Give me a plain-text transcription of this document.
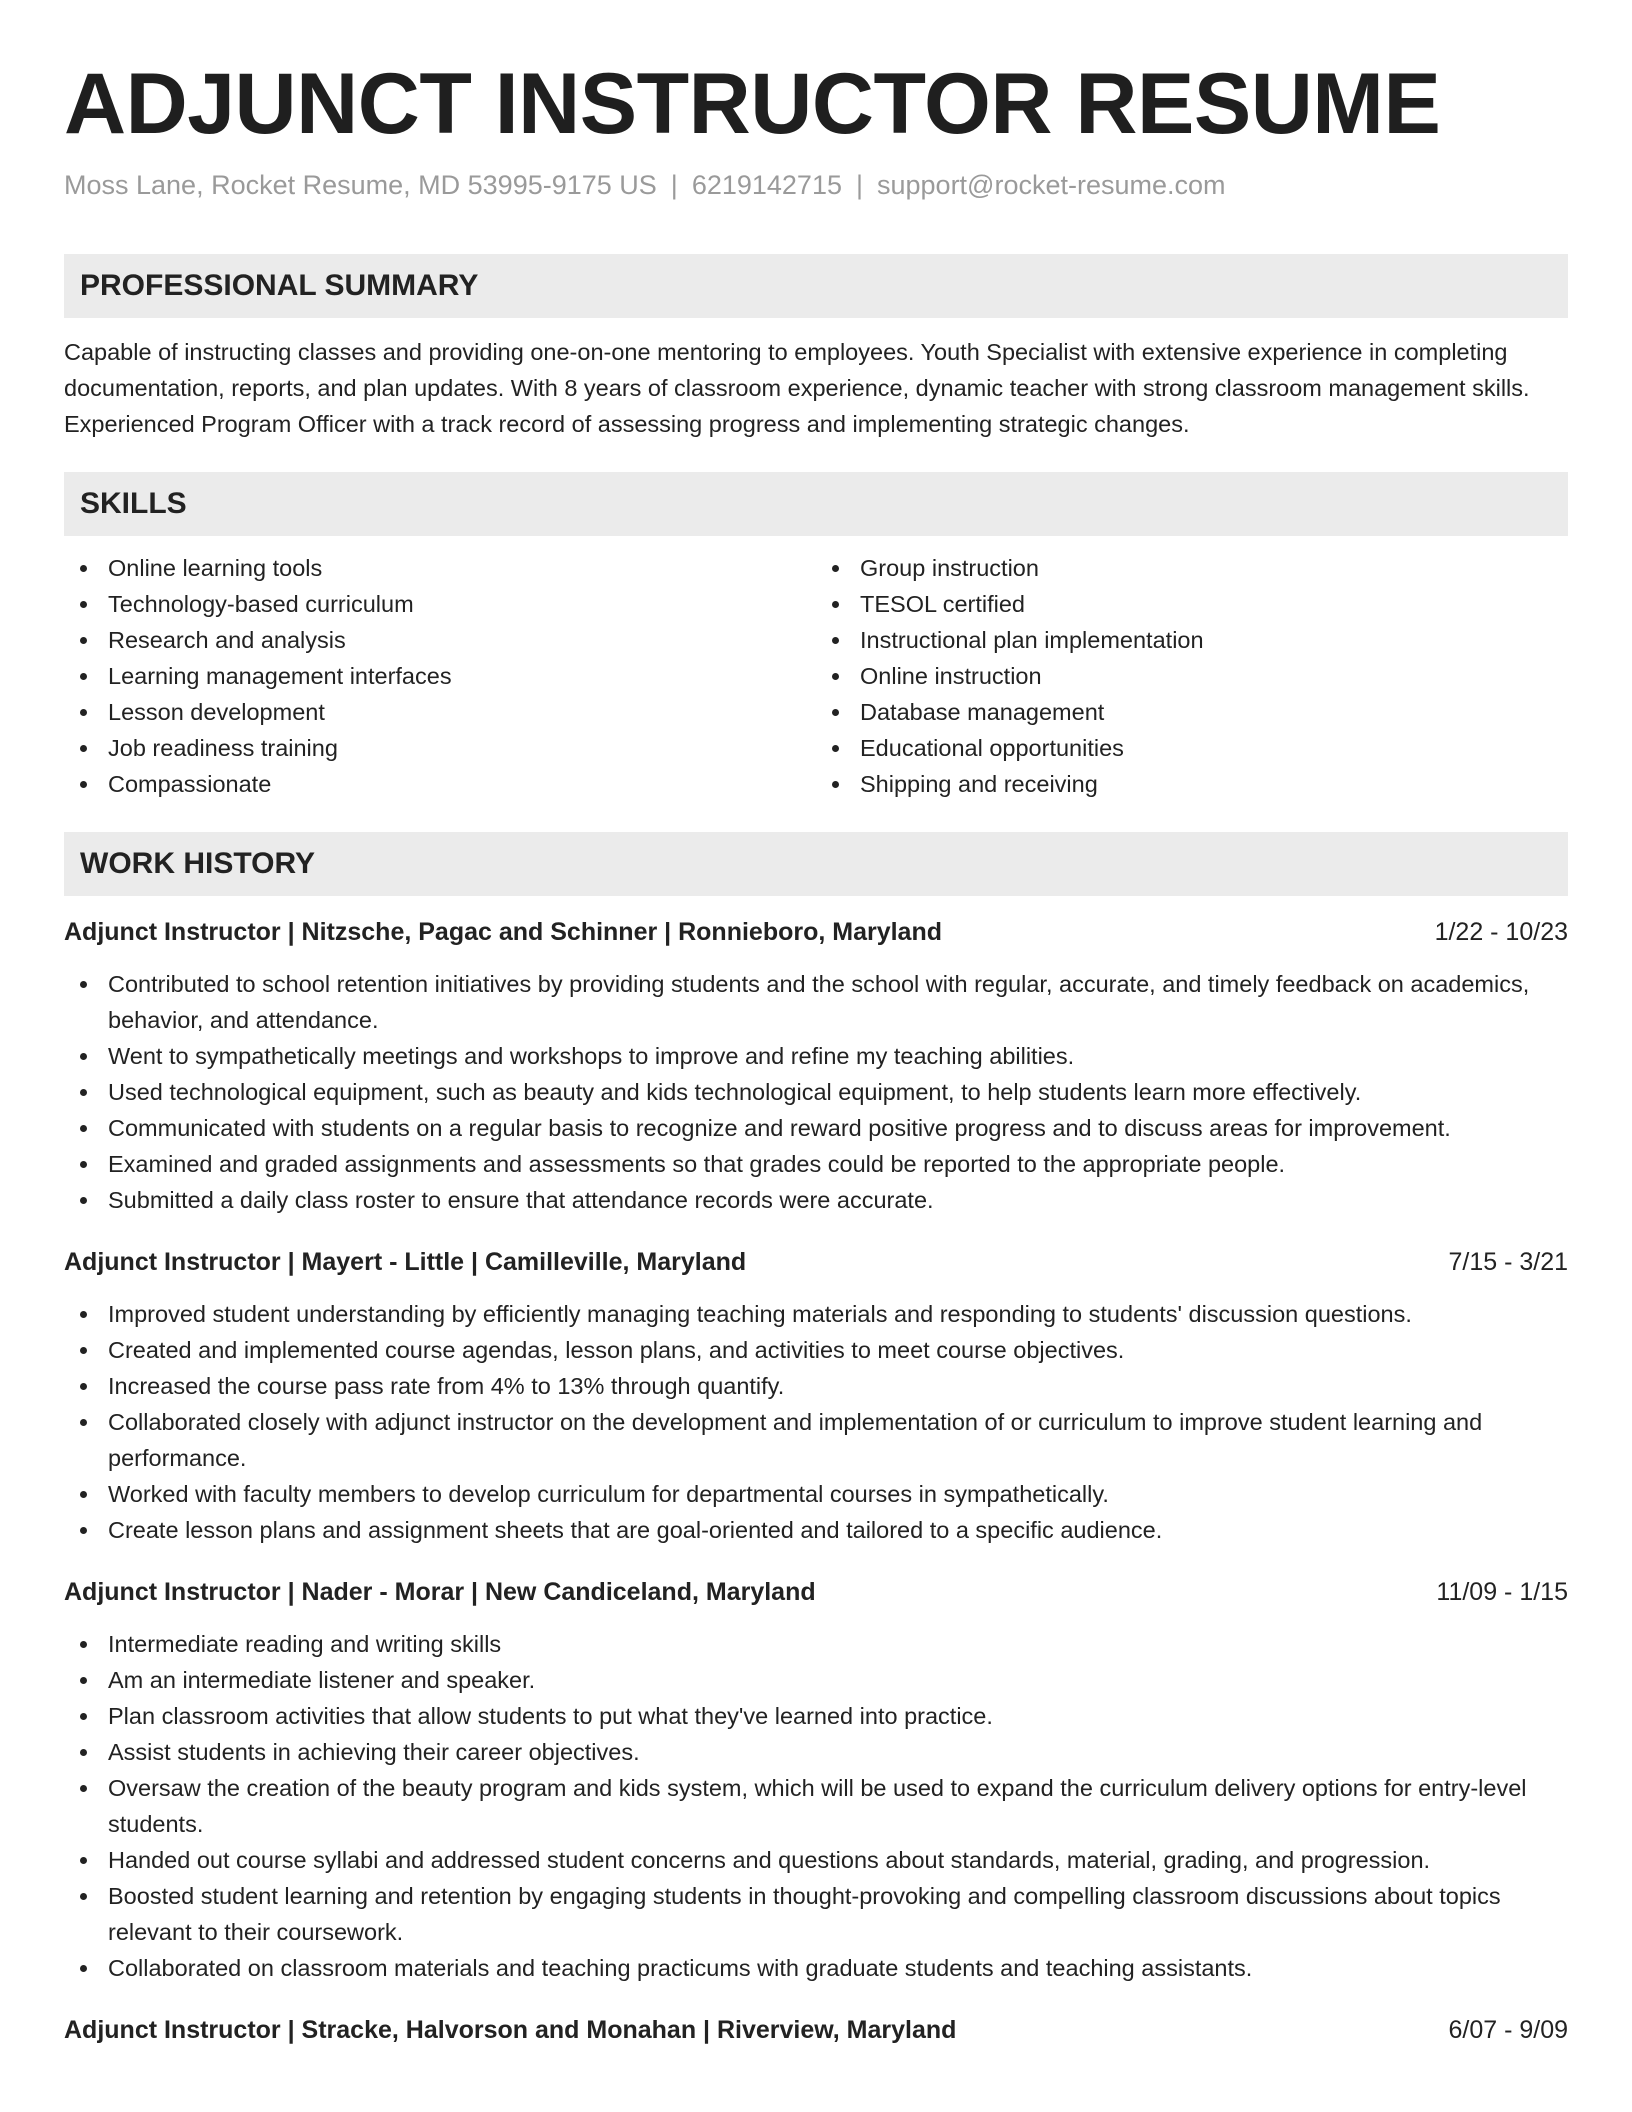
ADJUNCT INSTRUCTOR RESUME
Moss Lane, Rocket Resume, MD 53995-9175 US | 6219142715 | support@rocket-resume.com
PROFESSIONAL SUMMARY

Capable of instructing classes and providing one-on-one mentoring to employees. Youth Specialist with extensive experience in completing documentation, reports, and plan updates. With 8 years of classroom experience, dynamic teacher with strong classroom management skills. Experienced Program Officer with a track record of assessing progress and implementing strategic changes.

SKILLS
Online learning tools
Technology-based curriculum
Research and analysis
Learning management interfaces
Lesson development
Job readiness training
Compassionate
Group instruction
TESOL certified
Instructional plan implementation
Online instruction
Database management
Educational opportunities
Shipping and receiving
WORK HISTORY
Adjunct Instructor | Nitzsche, Pagac and Schinner | Ronnieboro, Maryland	1/22 - 10/23
Contributed to school retention initiatives by providing students and the school with regular, accurate, and timely feedback on academics, behavior, and attendance.
Went to sympathetically meetings and workshops to improve and refine my teaching abilities.
Used technological equipment, such as beauty and kids technological equipment, to help students learn more effectively.
Communicated with students on a regular basis to recognize and reward positive progress and to discuss areas for improvement.
Examined and graded assignments and assessments so that grades could be reported to the appropriate people.
Submitted a daily class roster to ensure that attendance records were accurate.
Adjunct Instructor | Mayert - Little | Camilleville, Maryland	7/15 - 3/21
Improved student understanding by efficiently managing teaching materials and responding to students' discussion questions.
Created and implemented course agendas, lesson plans, and activities to meet course objectives.
Increased the course pass rate from 4% to 13% through quantify.
Collaborated closely with adjunct instructor on the development and implementation of or curriculum to improve student learning and performance.
Worked with faculty members to develop curriculum for departmental courses in sympathetically.
Create lesson plans and assignment sheets that are goal-oriented and tailored to a specific audience.
Adjunct Instructor | Nader - Morar | New Candiceland, Maryland	11/09 - 1/15
Intermediate reading and writing skills
Am an intermediate listener and speaker.
Plan classroom activities that allow students to put what they've learned into practice.
Assist students in achieving their career objectives.
Oversaw the creation of the beauty program and kids system, which will be used to expand the curriculum delivery options for entry-level students.
Handed out course syllabi and addressed student concerns and questions about standards, material, grading, and progression.
Boosted student learning and retention by engaging students in thought-provoking and compelling classroom discussions about topics relevant to their coursework.
Collaborated on classroom materials and teaching practicums with graduate students and teaching assistants.
Adjunct Instructor | Stracke, Halvorson and Monahan | Riverview, Maryland	6/07 - 9/09
